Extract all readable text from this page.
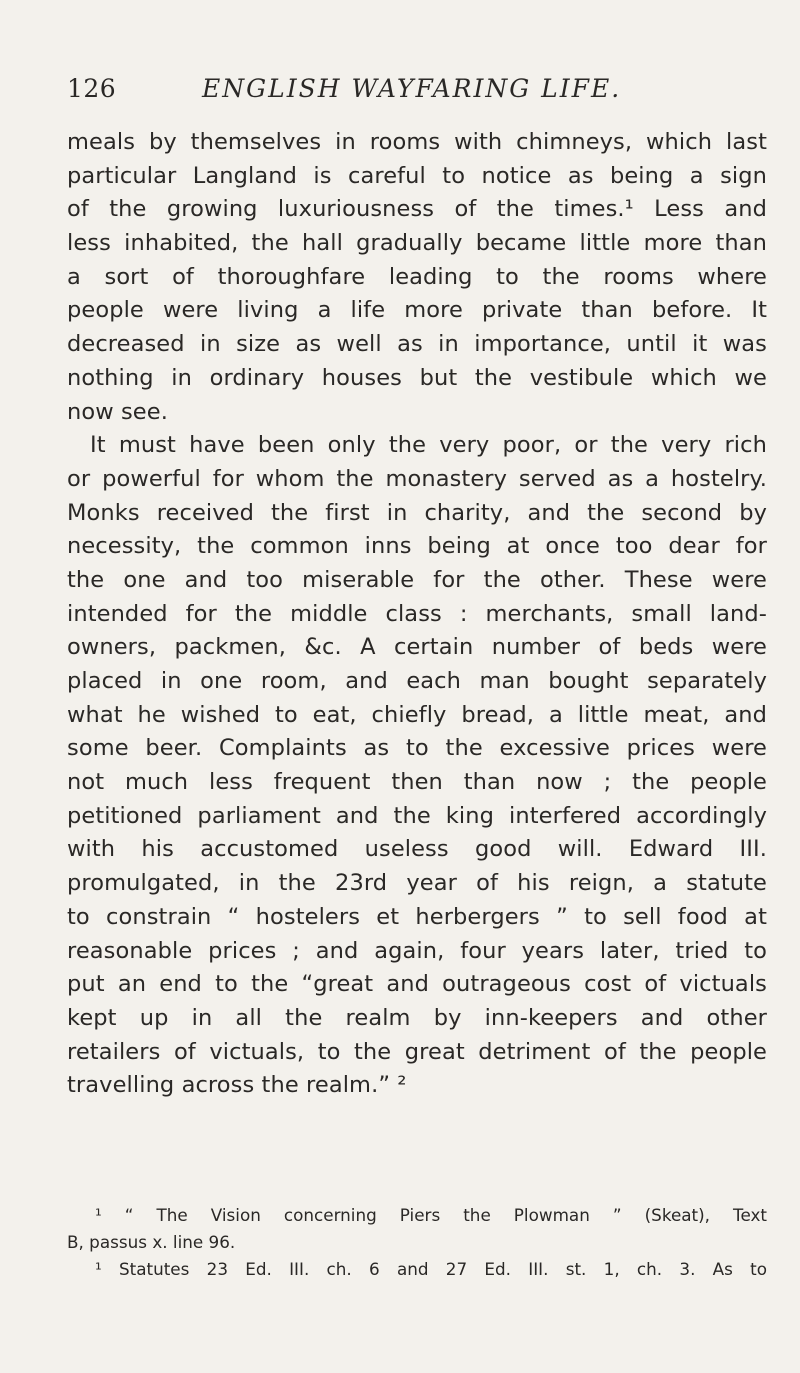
126	ENGLISH WAYFARING LIFE.
meals by themselves in rooms with chimneys, which last
particular Langland is careful to notice as being a sign
of the growing luxuriousness of the times.¹ Less and
less inhabited, the hall gradually became little more than
a sort of thoroughfare leading to the rooms where
people were living a life more private than before. It
decreased in size as well as in importance, until it was
nothing in ordinary houses but the vestibule which we
now see.
It must have been only the very poor, or the very rich
or powerful for whom the monastery served as a hostelry.
Monks received the first in charity, and the second by
necessity, the common inns being at once too dear for
the one and too miserable for the other. These were
intended for the middle class : merchants, small land-
owners, packmen, &c. A certain number of beds were
placed in one room, and each man bought separately
what he wished to eat, chiefly bread, a little meat, and
some beer. Complaints as to the excessive prices were
not much less frequent then than now ; the people
petitioned parliament and the king interfered accordingly
with his accustomed useless good will. Edward III.
promulgated, in the 23rd year of his reign, a statute
to constrain “ hostelers et herbergers ” to sell food at
reasonable prices ; and again, four years later, tried to
put an end to the “great and outrageous cost of victuals
kept up in all the realm by inn-keepers and other
retailers of victuals, to the great detriment of the people
travelling across the realm.” ²
¹ “ The Vision concerning Piers the Plowman ” (Skeat), Text
B, passus x. line 96.
¹ Statutes 23 Ed. III. ch. 6 and 27 Ed. III. st. 1, ch. 3. As to
